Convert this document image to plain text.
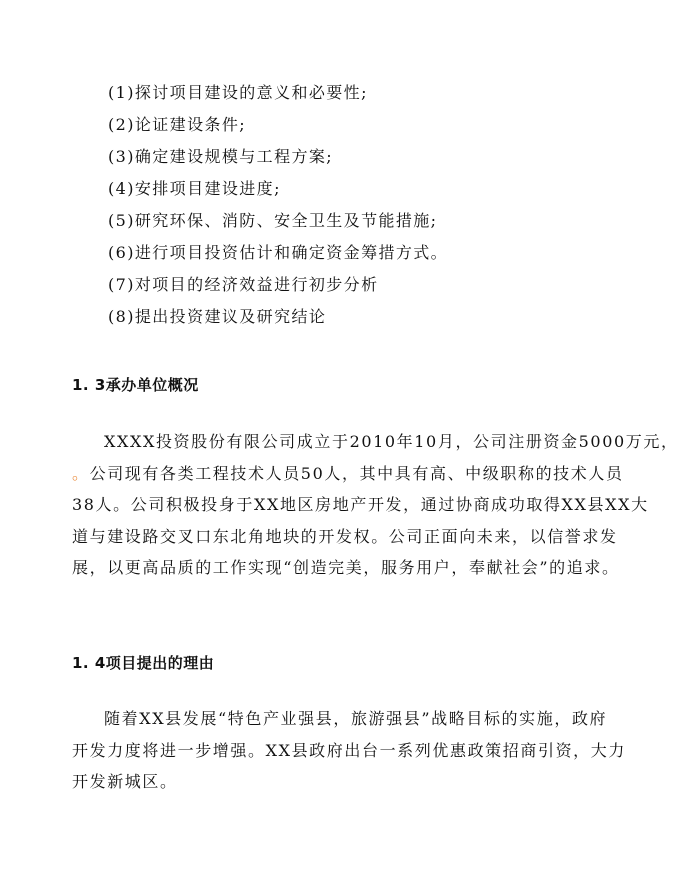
(1)探讨项目建设的意义和必要性;
(2)论证建设条件;
(3)确定建设规模与工程方案;
(4)安排项目建设进度;
(5)研究环保、消防、安全卫生及节能措施;
(6)进行项目投资估计和确定资金筹措方式。
(7)对项目的经济效益进行初步分析
(8)提出投资建议及研究结论
1. 3承办单位概况
XXXX投资股份有限公司成立于2010年10月，公司注册资金5000万元，
。公司现有各类工程技术人员50人，其中具有高、中级职称的技术人员
38人。公司积极投身于XX地区房地产开发，通过协商成功取得XX县XX大
道与建设路交叉口东北角地块的开发权。公司正面向未来，以信誉求发
展，以更高品质的工作实现“创造完美，服务用户，奉献社会”的追求。
1. 4项目提出的理由
随着XX县发展“特色产业强县，旅游强县”战略目标的实施，政府
开发力度将进一步增强。XX县政府出台一系列优惠政策招商引资，大力
开发新城区。
